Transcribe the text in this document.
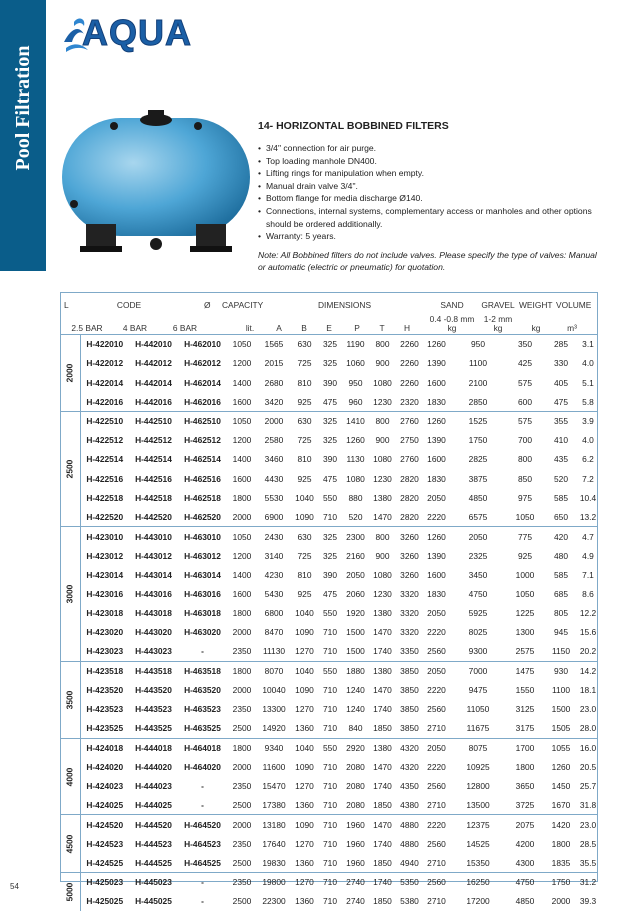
Pool Filtration
AQUA
14- HORIZONTAL BOBBINED FILTERS
• 3/4" connection for air purge.
• Top loading manhole DN400.
• Lifting rings for manipulation when empty.
• Manual drain valve 3/4".
• Bottom flange for media discharge Ø140.
• Connections, internal systems, complementary access or manholes and other options should be ordered additionally.
• Warranty: 5 years.
Note: All Bobbined filters do not include valves. Please specify the type of valves: Manual or automatic (electric or pneumatic) for quotation.
L	CODE	Ø CAPACITY	DIMENSIONS	SAND	GRAVEL WEIGHT VOLUME
0.4 -0.8 mm	1-2 mm
2.5 BAR	4 BAR	6 BAR	lit.	A	B	E	P	T	H	kg	kg	kg	m³
2000	H-422010	H-442010	H-462010	1050	1565	630	325	1190	800	2260	1260	950	350	285	3.1
	H-422012	H-442012	H-462012	1200	2015	725	325	1060	900	2260	1390	1100	425	330	4.0
	H-422014	H-442014	H-462014	1400	2680	810	390	950	1080	2260	1600	2100	575	405	5.1
	H-422016	H-442016	H-462016	1600	3420	925	475	960	1230	2320	1830	2850	600	475	5.8
2500	H-422510	H-442510	H-462510	1050	2000	630	325	1410	800	2760	1260	1525	575	355	3.9
	H-422512	H-442512	H-462512	1200	2580	725	325	1260	900	2750	1390	1750	700	410	4.0
	H-422514	H-442514	H-462514	1400	3460	810	390	1130	1080	2760	1600	2825	800	435	6.2
	H-422516	H-442516	H-462516	1600	4430	925	475	1080	1230	2820	1830	3875	850	520	7.2
	H-422518	H-442518	H-462518	1800	5530	1040	550	880	1380	2820	2050	4850	975	585	10.4
	H-422520	H-442520	H-462520	2000	6900	1090	710	520	1470	2820	2220	6575	1050	650	13.2
3000	H-423010	H-443010	H-463010	1050	2430	630	325	2300	800	3260	1260	2050	775	420	4.7
	H-423012	H-443012	H-463012	1200	3140	725	325	2160	900	3260	1390	2325	925	480	4.9
	H-423014	H-443014	H-463014	1400	4230	810	390	2050	1080	3260	1600	3450	1000	585	7.1
	H-423016	H-443016	H-463016	1600	5430	925	475	2060	1230	3320	1830	4750	1050	685	8.6
	H-423018	H-443018	H-463018	1800	6800	1040	550	1920	1380	3320	2050	5925	1225	805	12.2
	H-423020	H-443020	H-463020	2000	8470	1090	710	1500	1470	3320	2220	8025	1300	945	15.6
	H-423023	H-443023	-	2350	11130	1270	710	1500	1740	3350	2560	9300	2575	1150	20.2
3500	H-423518	H-443518	H-463518	1800	8070	1040	550	1880	1380	3850	2050	7000	1475	930	14.2
	H-423520	H-443520	H-463520	2000	10040	1090	710	1240	1470	3850	2220	9475	1550	1100	18.1
	H-423523	H-443523	H-463523	2350	13300	1270	710	1240	1740	3850	2560	11050	3125	1500	23.0
	H-423525	H-443525	H-463525	2500	14920	1360	710	840	1850	3850	2710	11675	3175	1505	28.0
4000	H-424018	H-444018	H-464018	1800	9340	1040	550	2920	1380	4320	2050	8075	1700	1055	16.0
	H-424020	H-444020	H-464020	2000	11600	1090	710	2080	1470	4320	2220	10925	1800	1260	20.5
	H-424023	H-444023	-	2350	15470	1270	710	2080	1740	4350	2560	12800	3650	1450	25.7
	H-424025	H-444025	-	2500	17380	1360	710	2080	1850	4380	2710	13500	3725	1670	31.8
4500	H-424520	H-444520	H-464520	2000	13180	1090	710	1960	1470	4880	2220	12375	2075	1420	23.0
	H-424523	H-444523	H-464523	2350	17640	1270	710	1960	1740	4880	2560	14525	4200	1800	28.5
	H-424525	H-444525	H-464525	2500	19830	1360	710	1960	1850	4940	2710	15350	4300	1835	35.5
5000	H-425023	H-445023	-	2350	19800	1270	710	2740	1740	5350	2560	16250	4750	1750	31.2
	H-425025	H-445025	-	2500	22300	1360	710	2740	1850	5380	2710	17200	4850	2000	39.3
54
